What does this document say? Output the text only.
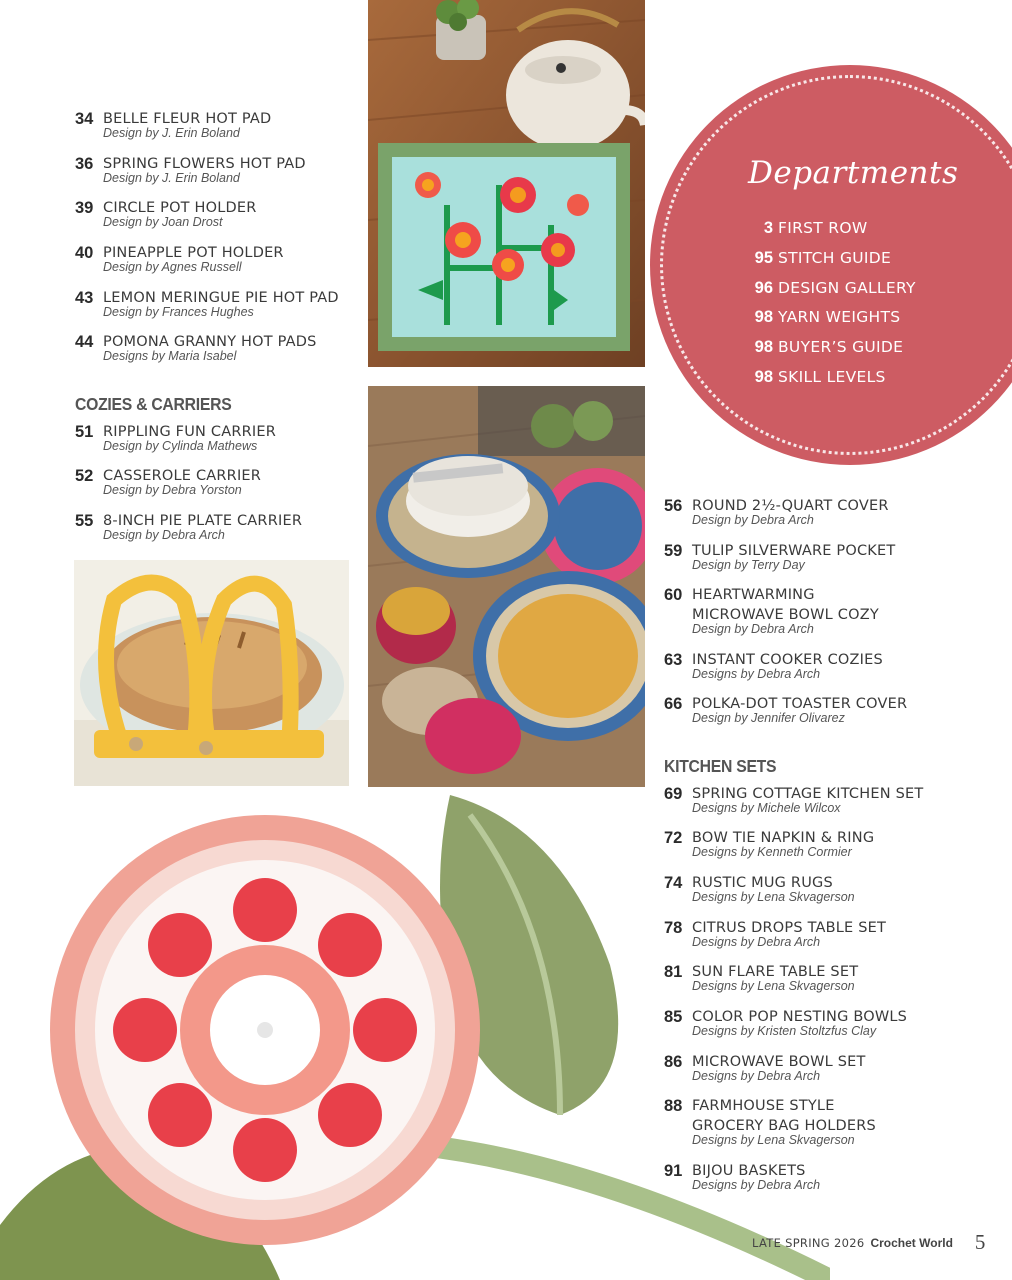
Departments
3 FIRST ROW
95 STITCH GUIDE
96 DESIGN GALLERY
98 YARN WEIGHTS
98 BUYER’S GUIDE
98 SKILL LEVELS
34 BELLE FLEUR HOT PAD
Design by J. Erin Boland
36 SPRING FLOWERS HOT PAD
Design by J. Erin Boland
39 CIRCLE POT HOLDER
Design by Joan Drost
40 PINEAPPLE POT HOLDER
Design by Agnes Russell
43 LEMON MERINGUE PIE HOT PAD
Design by Frances Hughes
44 POMONA GRANNY HOT PADS
Designs by Maria Isabel
COZIES & CARRIERS
51 RIPPLING FUN CARRIER
Design by Cylinda Mathews
52 CASSEROLE CARRIER
Design by Debra Yorston
55 8-INCH PIE PLATE CARRIER
Design by Debra Arch
56 ROUND 2½-QUART COVER
Design by Debra Arch
59 TULIP SILVERWARE POCKET
Design by Terry Day
60 HEARTWARMING
MICROWAVE BOWL COZY
Design by Debra Arch
63 INSTANT COOKER COZIES
Designs by Debra Arch
66 POLKA-DOT TOASTER COVER
Design by Jennifer Olivarez
KITCHEN SETS
69 SPRING COTTAGE KITCHEN SET
Designs by Michele Wilcox
72 BOW TIE NAPKIN & RING
Designs by Kenneth Cormier
74 RUSTIC MUG RUGS
Designs by Lena Skvagerson
78 CITRUS DROPS TABLE SET
Designs by Debra Arch
81 SUN FLARE TABLE SET
Designs by Lena Skvagerson
85 COLOR POP NESTING BOWLS
Designs by Kristen Stoltzfus Clay
86 MICROWAVE BOWL SET
Designs by Debra Arch
88 FARMHOUSE STYLE
GROCERY BAG HOLDERS
Designs by Lena Skvagerson
91 BIJOU BASKETS
Designs by Debra Arch
LATE SPRING 2026 Crochet World 5
